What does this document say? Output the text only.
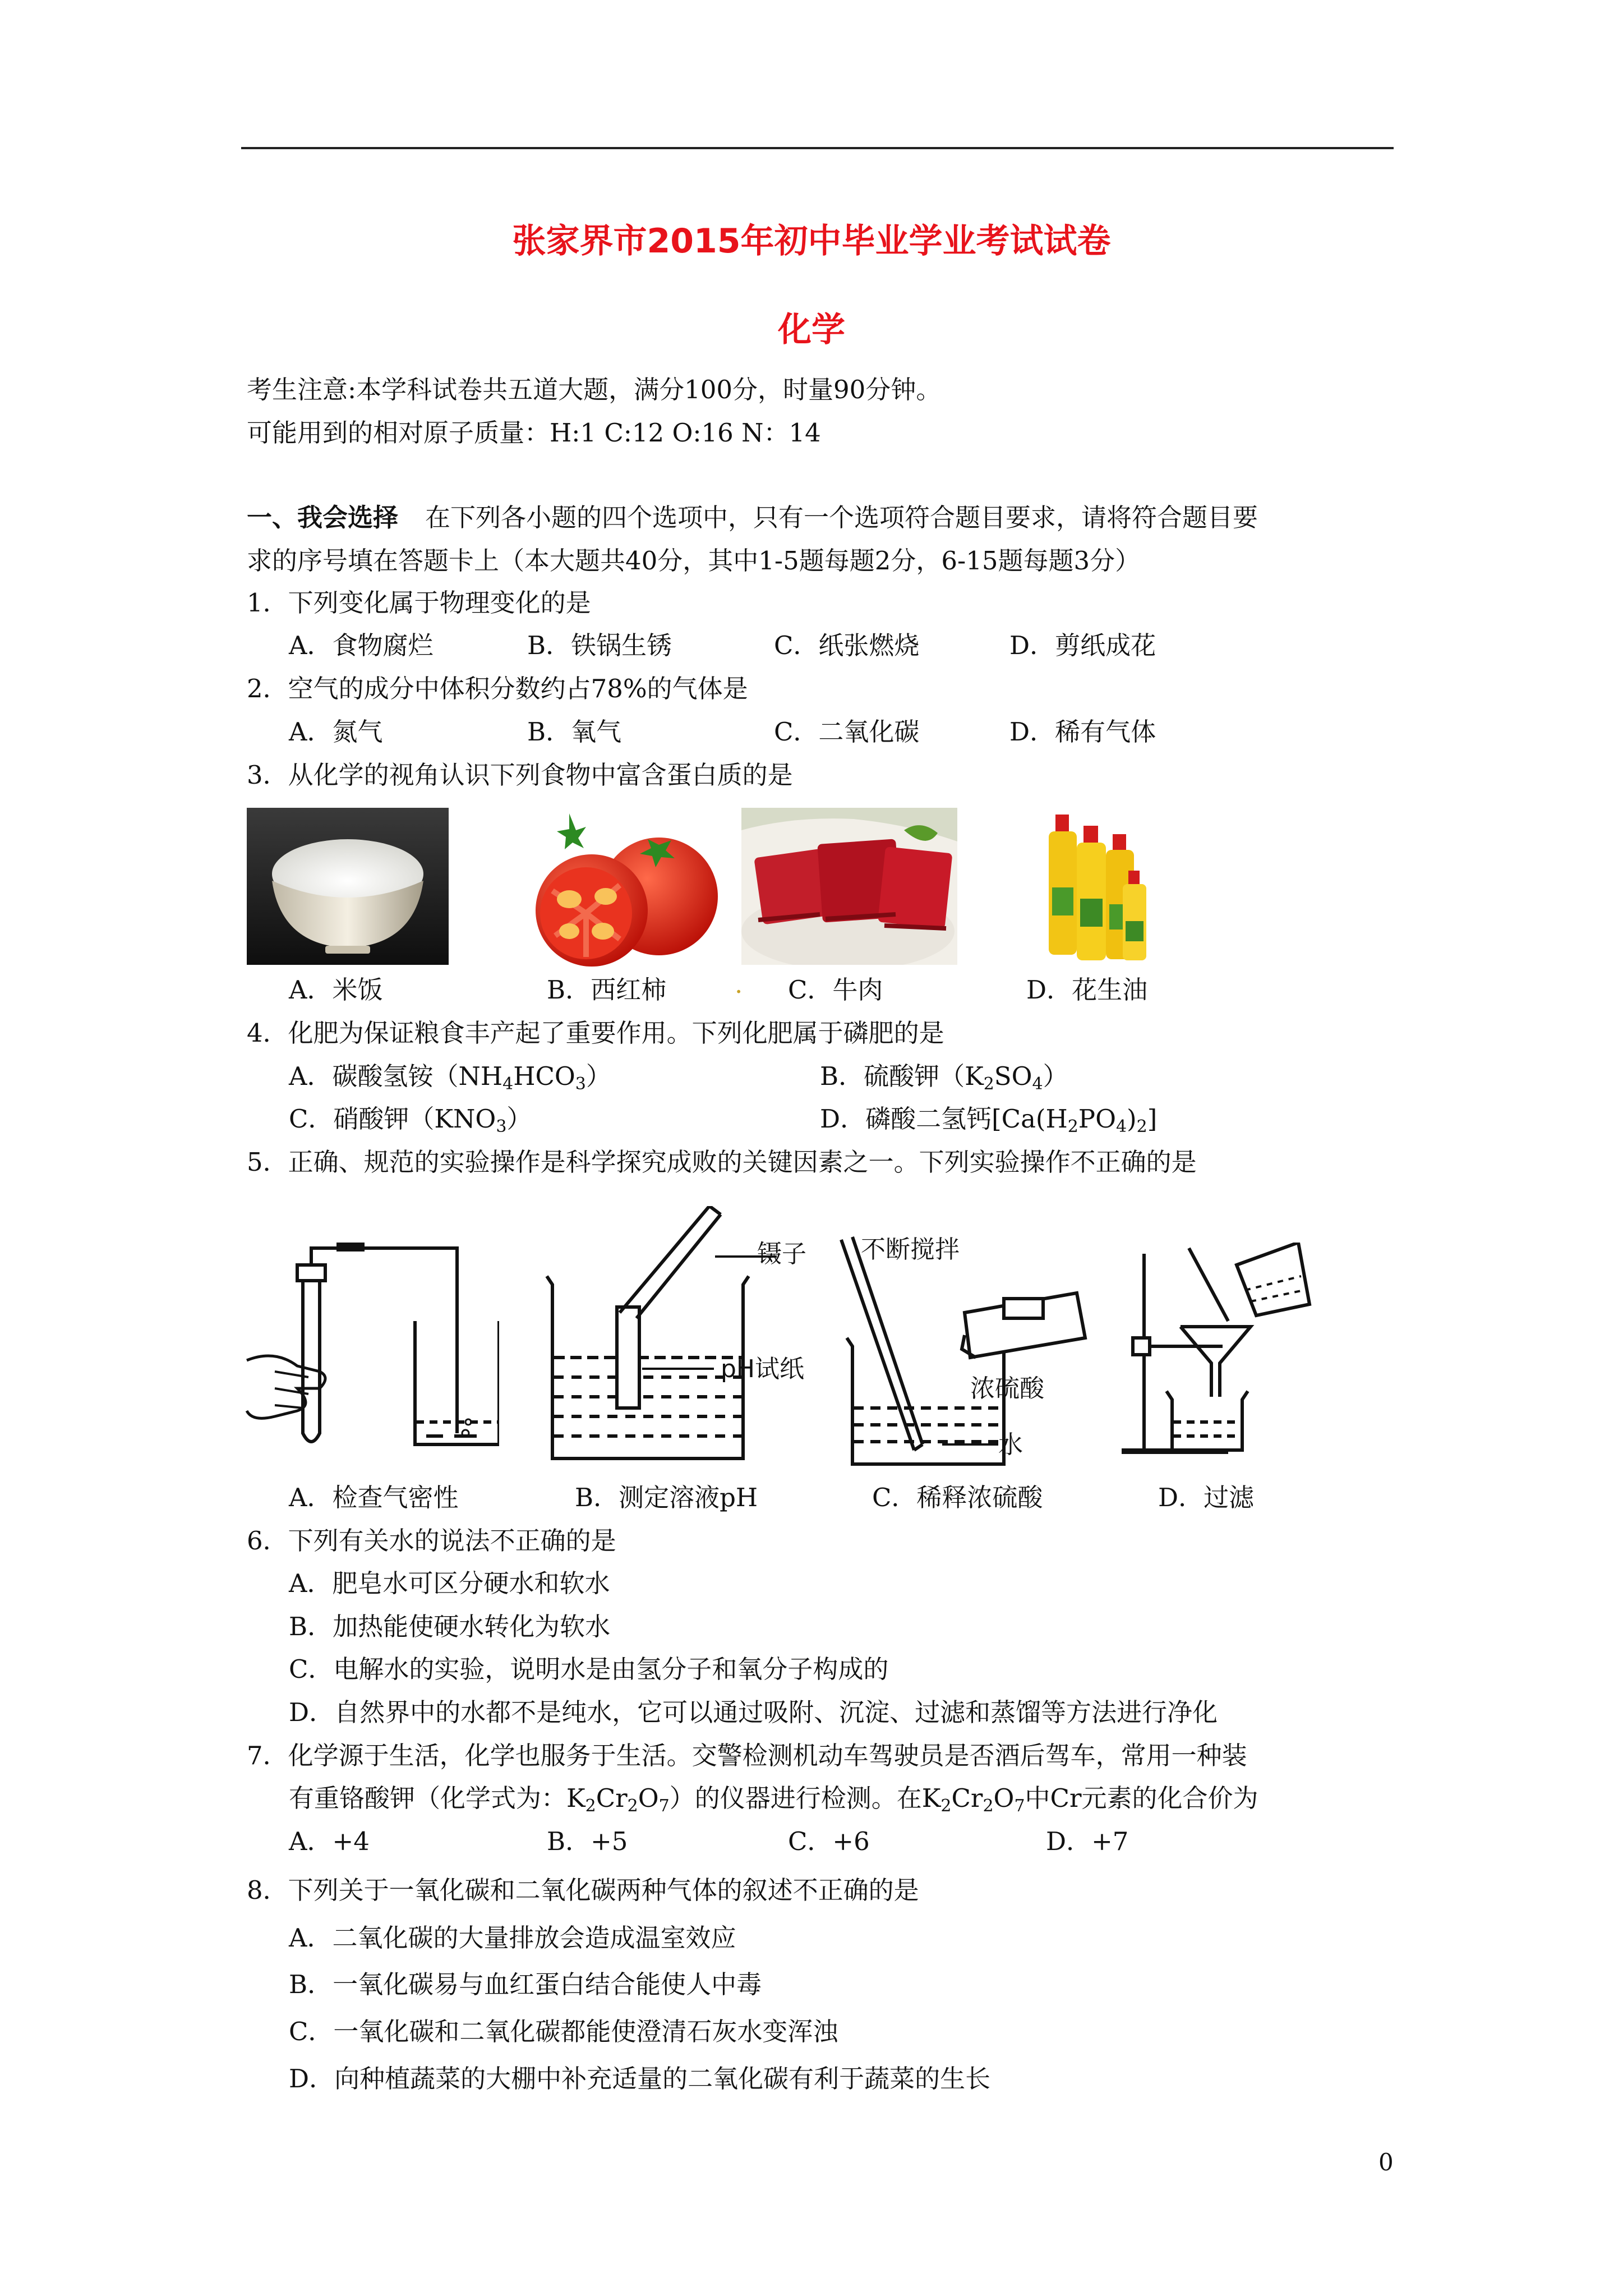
张家界市2015年初中毕业学业考试试卷
化学
考生注意:本学科试卷共五道大题，满分100分，时量90分钟。
可能用到的相对原子质量：H:1 C:12 O:16 N：14
一、我会选择 在下列各小题的四个选项中，只有一个选项符合题目要求，请将符合题目要
求的序号填在答题卡上（本大题共40分，其中1-5题每题2分，6-15题每题3分）
1．下列变化属于物理变化的是
A．食物腐烂	B．铁锅生锈	C．纸张燃烧	D．剪纸成花
2．空气的成分中体积分数约占78%的气体是
A．氮气	B．氧气	C．二氧化碳	D．稀有气体
3．从化学的视角认识下列食物中富含蛋白质的是
A．米饭	B．西红柿	. C．牛肉	D．花生油
4．化肥为保证粮食丰产起了重要作用。下列化肥属于磷肥的是
A．碳酸氢铵$(NH_4HCO_3)$	B．硫酸钾$(K_2SO_4)$
C．硝酸钾$(KNO_3)$	D．磷酸二氢钙$[Ca(H_2PO_4)_2]$
5．正确、规范的实验操作是科学探究成败的关键因素之一。下列实验操作不正确的是
镊子
pH试纸
不断搅拌
浓硫酸
水
A．检查气密性	B．测定溶液pH	C．稀释浓硫酸	D．过滤
6．下列有关水的说法不正确的是
A．肥皂水可区分硬水和软水
B．加热能使硬水转化为软水
C．电解水的实验，说明水是由氢分子和氧分子构成的
D．自然界中的水都不是纯水，它可以通过吸附、沉淀、过滤和蒸馏等方法进行净化
7．化学源于生活，化学也服务于生活。交警检测机动车驾驶员是否酒后驾车，常用一种装
有重铬酸钾（化学式为：$K_2Cr_2O_7$）的仪器进行检测。在$K_2Cr_2O_7$中Cr元素的化合价为
A．+4	B．+5	C．+6	D．+7
8．下列关于一氧化碳和二氧化碳两种气体的叙述不正确的是
A．二氧化碳的大量排放会造成温室效应
B．一氧化碳易与血红蛋白结合能使人中毒
C．一氧化碳和二氧化碳都能使澄清石灰水变浑浊
D．向种植蔬菜的大棚中补充适量的二氧化碳有利于蔬菜的生长
0
